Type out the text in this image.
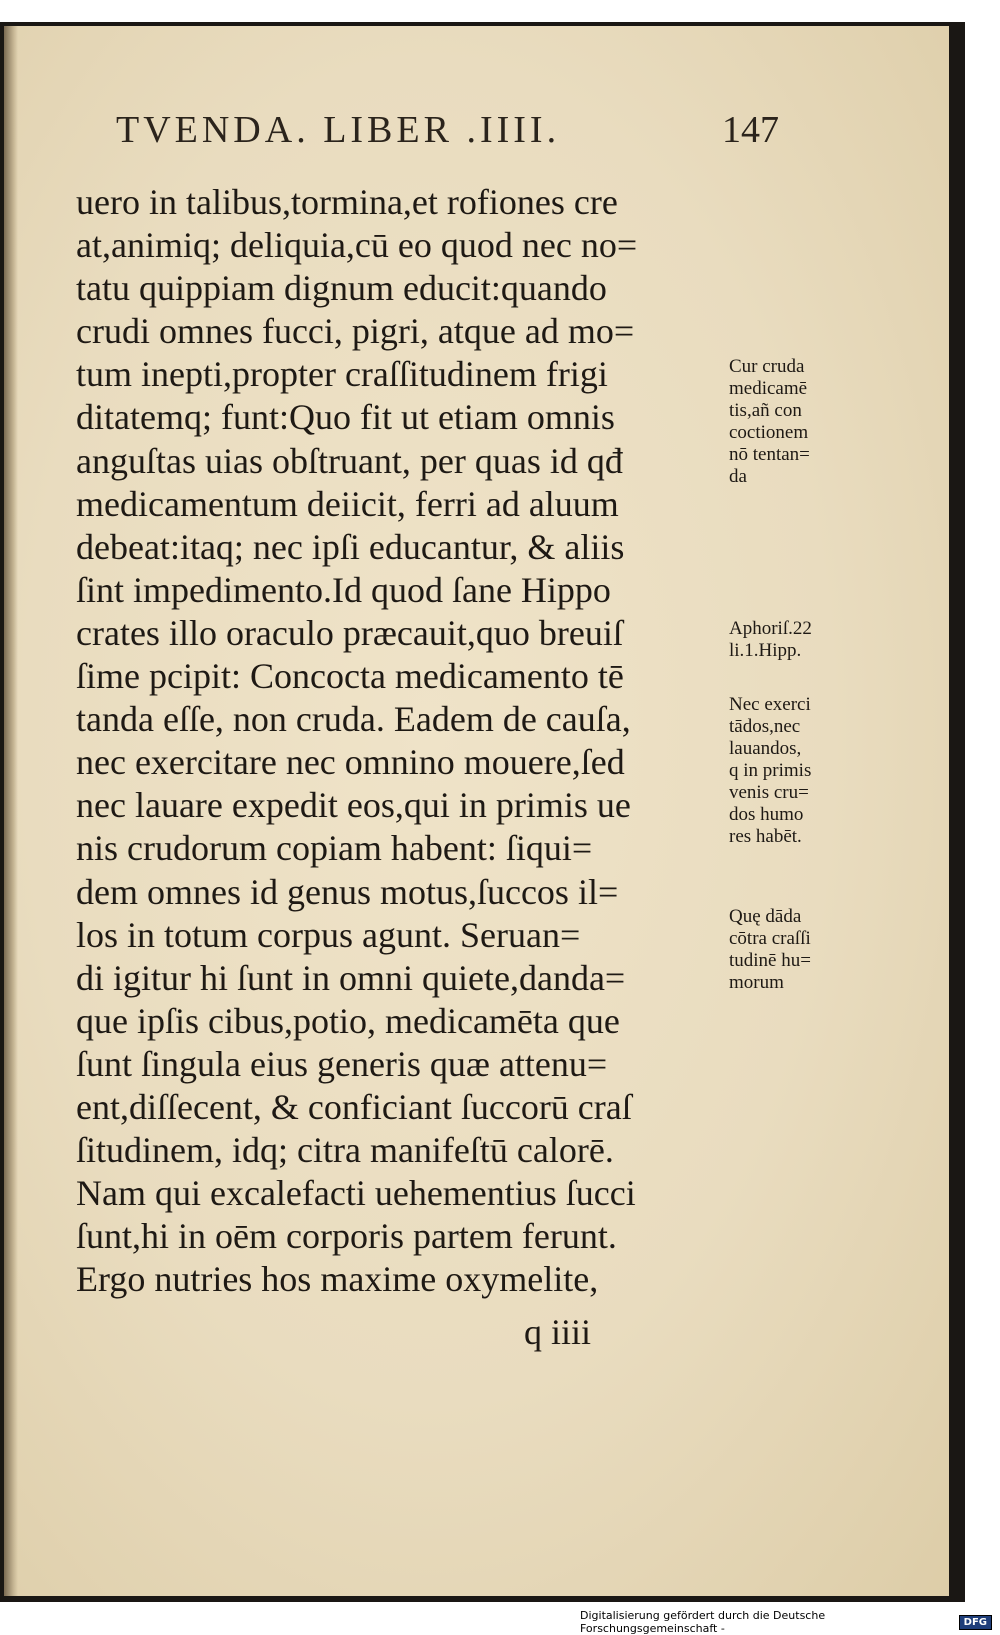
TVENDA. LIBER .IIII.	147
uero in talibus,tormina,et rofiones cre
at,animiq; deliquia,cū eo quod nec no=
tatu quippiam dignum educit:quando
crudi omnes fucci, pigri, atque ad mo=
tum inepti,propter craſſitudinem frigi
ditatemq; funt:Quo fit ut etiam omnis
anguſtas uias obſtruant, per quas id qđ
medicamentum deiicit, ferri ad aluum
debeat:itaq; nec ipſi educantur, & aliis
ſint impedimento.Id quod ſane Hippo
crates illo oraculo præcauit,quo breuiſ
ſime pcipit: Concocta medicamento tē
tanda eſſe, non cruda. Eadem de cauſa,
nec exercitare nec omnino mouere,ſed
nec lauare expedit eos,qui in primis ue
nis crudorum copiam habent: ſiqui=
dem omnes id genus motus,ſuccos il=
los in totum corpus agunt. Seruan=
di igitur hi ſunt in omni quiete,danda=
que ipſis cibus,potio, medicamēta que
ſunt ſingula eius generis quæ attenu=
ent,diſſecent, & conficiant ſuccorū craſ
ſitudinem, idq; citra manifeſtū calorē.
Nam qui excalefacti uehementius ſucci
ſunt,hi in oēm corporis partem ferunt.
Ergo nutries hos maxime oxymelite,
Cur cruda
medicamē
tis,añ con
coctionem
nō tentan=
da
Aphoriſ.22
li.1.Hipp.
Nec exerci
tādos,nec
lauandos,
q in primis
venis cru=
dos humo
res habēt.
Quę dāda
cōtra craſſi
tudinē hu=
morum
q iiii
Digitalisierung gefördert durch die Deutsche Forschungsgemeinschaft -	DFG
